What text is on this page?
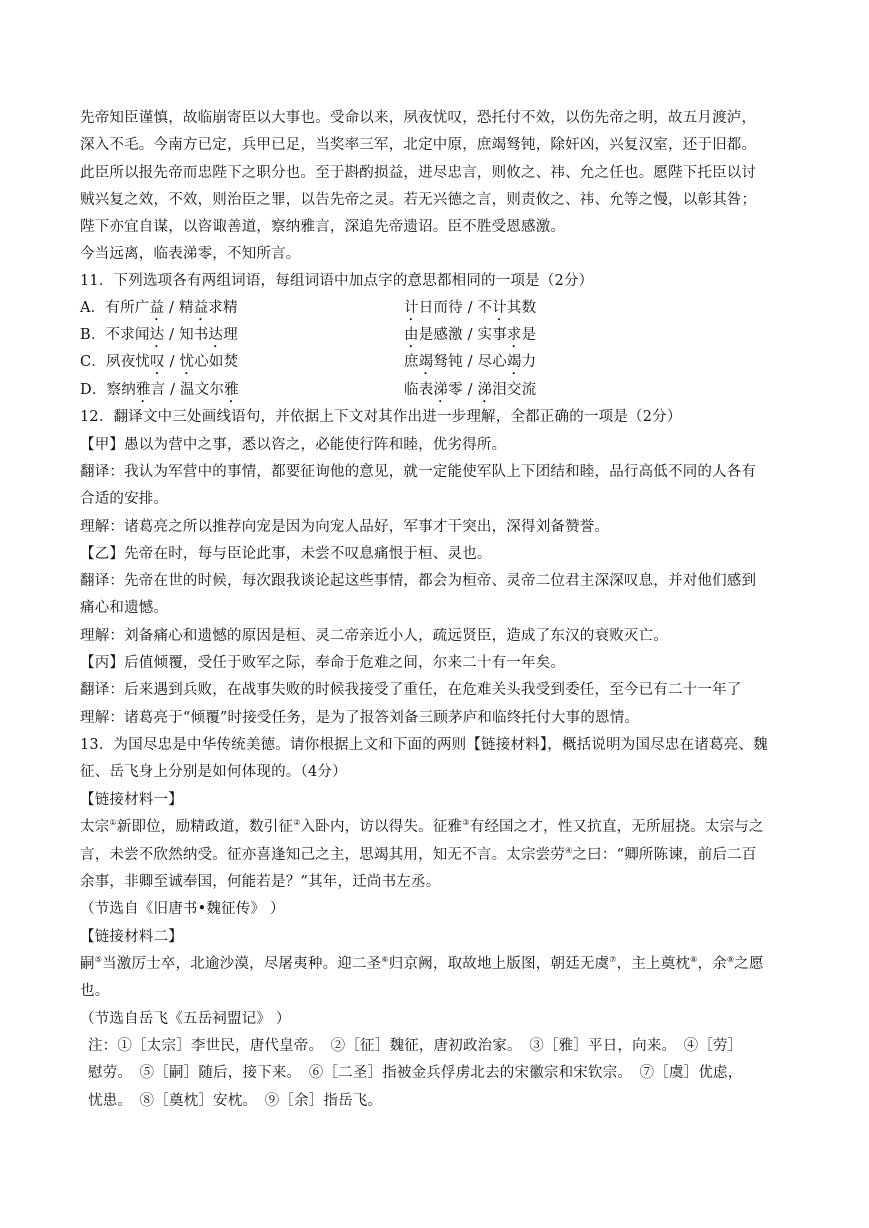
先帝知臣谨慎，故临崩寄臣以大事也。受命以来，夙夜忧叹，恐托付不效，以伤先帝之明，故五月渡泸，
深入不毛。今南方已定，兵甲已足，当奖率三军，北定中原，庶竭驽钝，除奸凶，兴复汉室，还于旧都。
此臣所以报先帝而忠陛下之职分也。至于斟酌损益，进尽忠言，则攸之、祎、允之任也。愿陛下托臣以讨
贼兴复之效，不效，则治臣之罪，以告先帝之灵。若无兴德之言，则责攸之、祎、允等之慢，以彰其咎；
陛下亦宜自谋，以咨诹善道，察纳雅言，深追先帝遗诏。臣不胜受恩感激。
今当远离，临表涕零，不知所言。
11．下列选项各有两组词语，每组词语中加点字的意思都相同的一项是（2分）
A．有所广益 / 精益求精	计日而待 / 不计其数
B．不求闻达 / 知书达理	由是感激 / 实事求是
C．夙夜忧叹 / 忧心如焚	庶竭驽钝 / 尽心竭力
D．察纳雅言 / 温文尔雅	临表涕零 / 涕泪交流
12．翻译文中三处画线语句，并依据上下文对其作出进一步理解，全都正确的一项是（2分）
【甲】愚以为营中之事，悉以咨之，必能使行阵和睦，优劣得所。
翻译：我认为军营中的事情，都要征询他的意见，就一定能使军队上下团结和睦，品行高低不同的人各有
合适的安排。
理解：诸葛亮之所以推荐向宠是因为向宠人品好，军事才干突出，深得刘备赞誉。
【乙】先帝在时，每与臣论此事，未尝不叹息痛恨于桓、灵也。
翻译：先帝在世的时候，每次跟我谈论起这些事情，都会为桓帝、灵帝二位君主深深叹息，并对他们感到
痛心和遗憾。
理解：刘备痛心和遗憾的原因是桓、灵二帝亲近小人，疏远贤臣，造成了东汉的衰败灭亡。
【丙】后值倾覆，受任于败军之际，奉命于危难之间，尔来二十有一年矣。
翻译：后来遇到兵败，在战事失败的时候我接受了重任，在危难关头我受到委任，至今已有二十一年了
理解：诸葛亮于“倾覆”时接受任务，是为了报答刘备三顾茅庐和临终托付大事的恩情。
13．为国尽忠是中华传统美德。请你根据上文和下面的两则【链接材料】，概括说明为国尽忠在诸葛亮、魏
征、岳飞身上分别是如何体现的。（4分）
【链接材料一】
太宗①新即位，励精政道，数引征②入卧内，访以得失。征雅③有经国之才，性又抗直，无所屈挠。太宗与之
言，未尝不欣然纳受。征亦喜逢知己之主，思竭其用，知无不言。太宗尝劳④之曰：“卿所陈谏，前后二百
余事，非卿至诚奉国，何能若是？”其年，迁尚书左丞。
（节选自《旧唐书•魏征传》 ）
【链接材料二】
嗣⑤当激厉士卒，北逾沙漠，尽屠夷种。迎二圣⑥归京阙，取故地上版图，朝廷无虞⑦，主上奠枕⑧，余⑨之愿
也。
（节选自岳飞《五岳祠盟记》 ）
注：①［太宗］李世民，唐代皇帝。　②［征］魏征，唐初政治家。　③［雅］平日，向来。　④［劳］
慰劳。　⑤［嗣］随后，接下来。　⑥［二圣］指被金兵俘虏北去的宋徽宗和宋钦宗。　⑦［虞］优虑，
忧患。　⑧［奠枕］安枕。　⑨［余］指岳飞。
